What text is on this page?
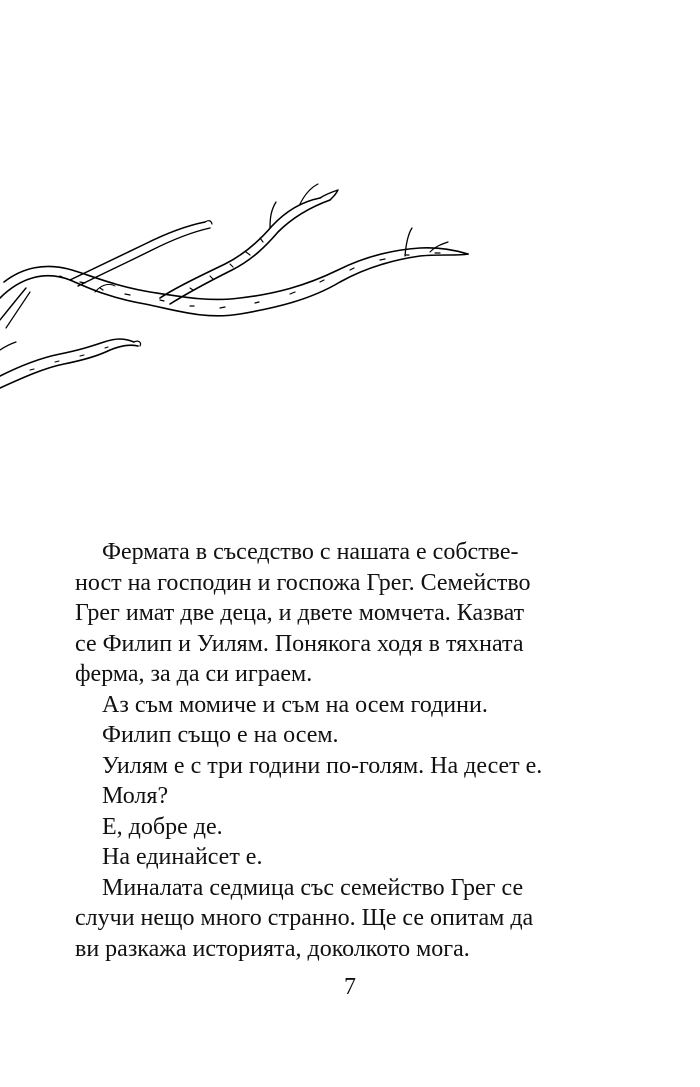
Фермата в съседство с нашата е собстве-
ност на господин и госпожа Грег. Семейство
Грег имат две деца, и двете момчета. Казват
се Филип и Уилям. Понякога ходя в тяхната
ферма, за да си играем.

Аз съм момиче и съм на осем години.

Филип също е на осем.

Уилям е с три години по-голям. На десет е.

Моля?

Е, добре де.

На единайсет е.

Миналата седмица със семейство Грег се
случи нещо много странно. Ще се опитам да
ви разкажа историята, доколкото мога.

7
